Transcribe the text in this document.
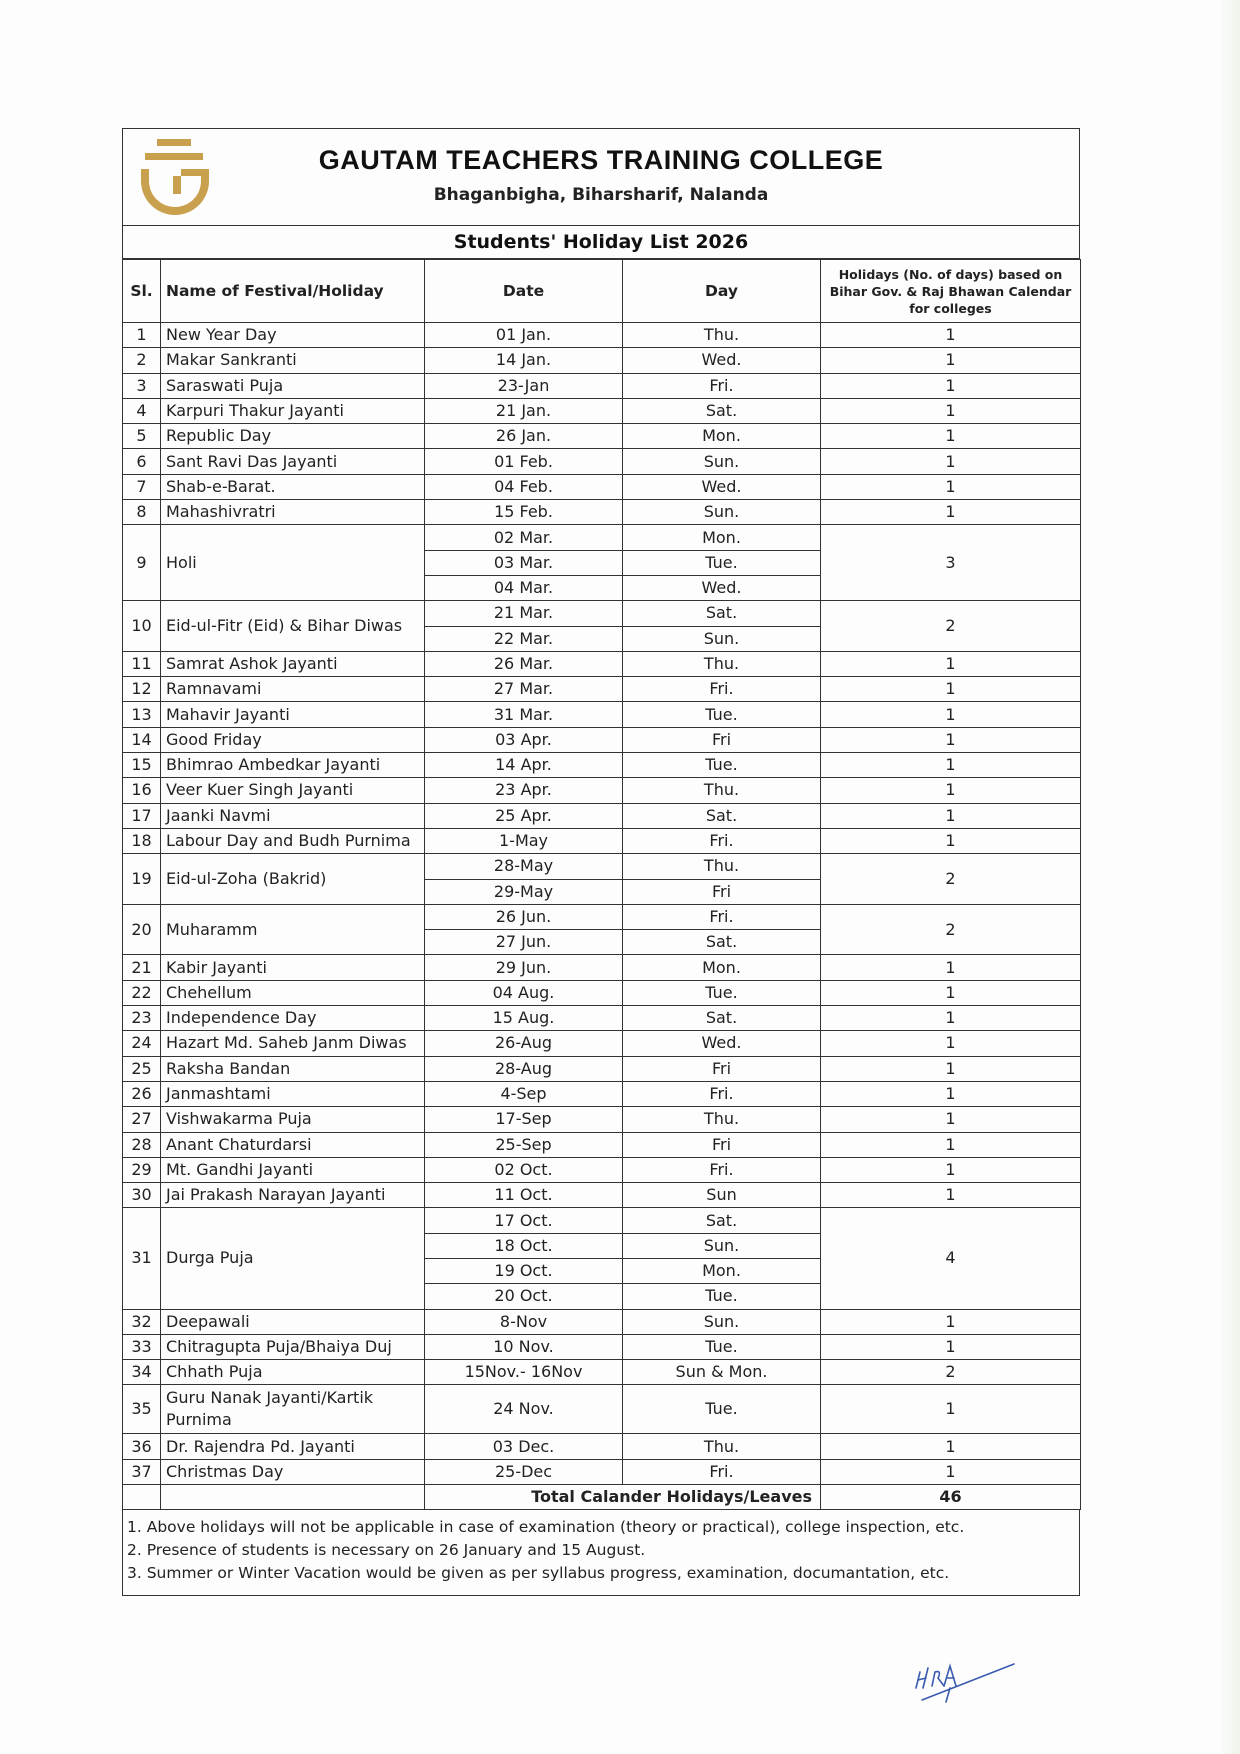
GAUTAM TEACHERS TRAINING COLLEGE
Bhaganbigha, Biharsharif, Nalanda
Students' Holiday List 2026
Sl.	Name of Festival/Holiday	Date	Day	Holidays (No. of days) based on Bihar Gov. & Raj Bhawan Calendar for colleges
1	New Year Day	01 Jan.	Thu.	1
2	Makar Sankranti	14 Jan.	Wed.	1
3	Saraswati Puja	23-Jan	Fri.	1
4	Karpuri Thakur Jayanti	21 Jan.	Sat.	1
5	Republic Day	26 Jan.	Mon.	1
6	Sant Ravi Das Jayanti	01 Feb.	Sun.	1
7	Shab-e-Barat.	04 Feb.	Wed.	1
8	Mahashivratri	15 Feb.	Sun.	1
9	Holi	02 Mar.	Mon.	3
		03 Mar.	Tue.	
		04 Mar.	Wed.	
10	Eid-ul-Fitr (Eid) & Bihar Diwas	21 Mar.	Sat.	2
		22 Mar.	Sun.	
11	Samrat Ashok Jayanti	26 Mar.	Thu.	1
12	Ramnavami	27 Mar.	Fri.	1
13	Mahavir Jayanti	31 Mar.	Tue.	1
14	Good Friday	03 Apr.	Fri	1
15	Bhimrao Ambedkar Jayanti	14 Apr.	Tue.	1
16	Veer Kuer Singh Jayanti	23 Apr.	Thu.	1
17	Jaanki Navmi	25 Apr.	Sat.	1
18	Labour Day and Budh Purnima	1-May	Fri.	1
19	Eid-ul-Zoha (Bakrid)	28-May	Thu.	2
		29-May	Fri	
20	Muharamm	26 Jun.	Fri.	2
		27 Jun.	Sat.	
21	Kabir Jayanti	29 Jun.	Mon.	1
22	Chehellum	04 Aug.	Tue.	1
23	Independence Day	15 Aug.	Sat.	1
24	Hazart Md. Saheb Janm Diwas	26-Aug	Wed.	1
25	Raksha Bandan	28-Aug	Fri	1
26	Janmashtami	4-Sep	Fri.	1
27	Vishwakarma Puja	17-Sep	Thu.	1
28	Anant Chaturdarsi	25-Sep	Fri	1
29	Mt. Gandhi Jayanti	02 Oct.	Fri.	1
30	Jai Prakash Narayan Jayanti	11 Oct.	Sun	1
31	Durga Puja	17 Oct.	Sat.	4
		18 Oct.	Sun.	
		19 Oct.	Mon.	
		20 Oct.	Tue.	
32	Deepawali	8-Nov	Sun.	1
33	Chitragupta Puja/Bhaiya Duj	10 Nov.	Tue.	1
34	Chhath Puja	15Nov.- 16Nov	Sun & Mon.	2
35	Guru Nanak Jayanti/Kartik Purnima	24 Nov.	Tue.	1
36	Dr. Rajendra Pd. Jayanti	03 Dec.	Thu.	1
37	Christmas Day	25-Dec	Fri.	1
		Total Calander Holidays/Leaves		46
1. Above holidays will not be applicable in case of examination (theory or practical), college inspection, etc.
2. Presence of students is necessary on 26 January and 15 August.
3. Summer or Winter Vacation would be given as per syllabus progress, examination, documantation, etc.
